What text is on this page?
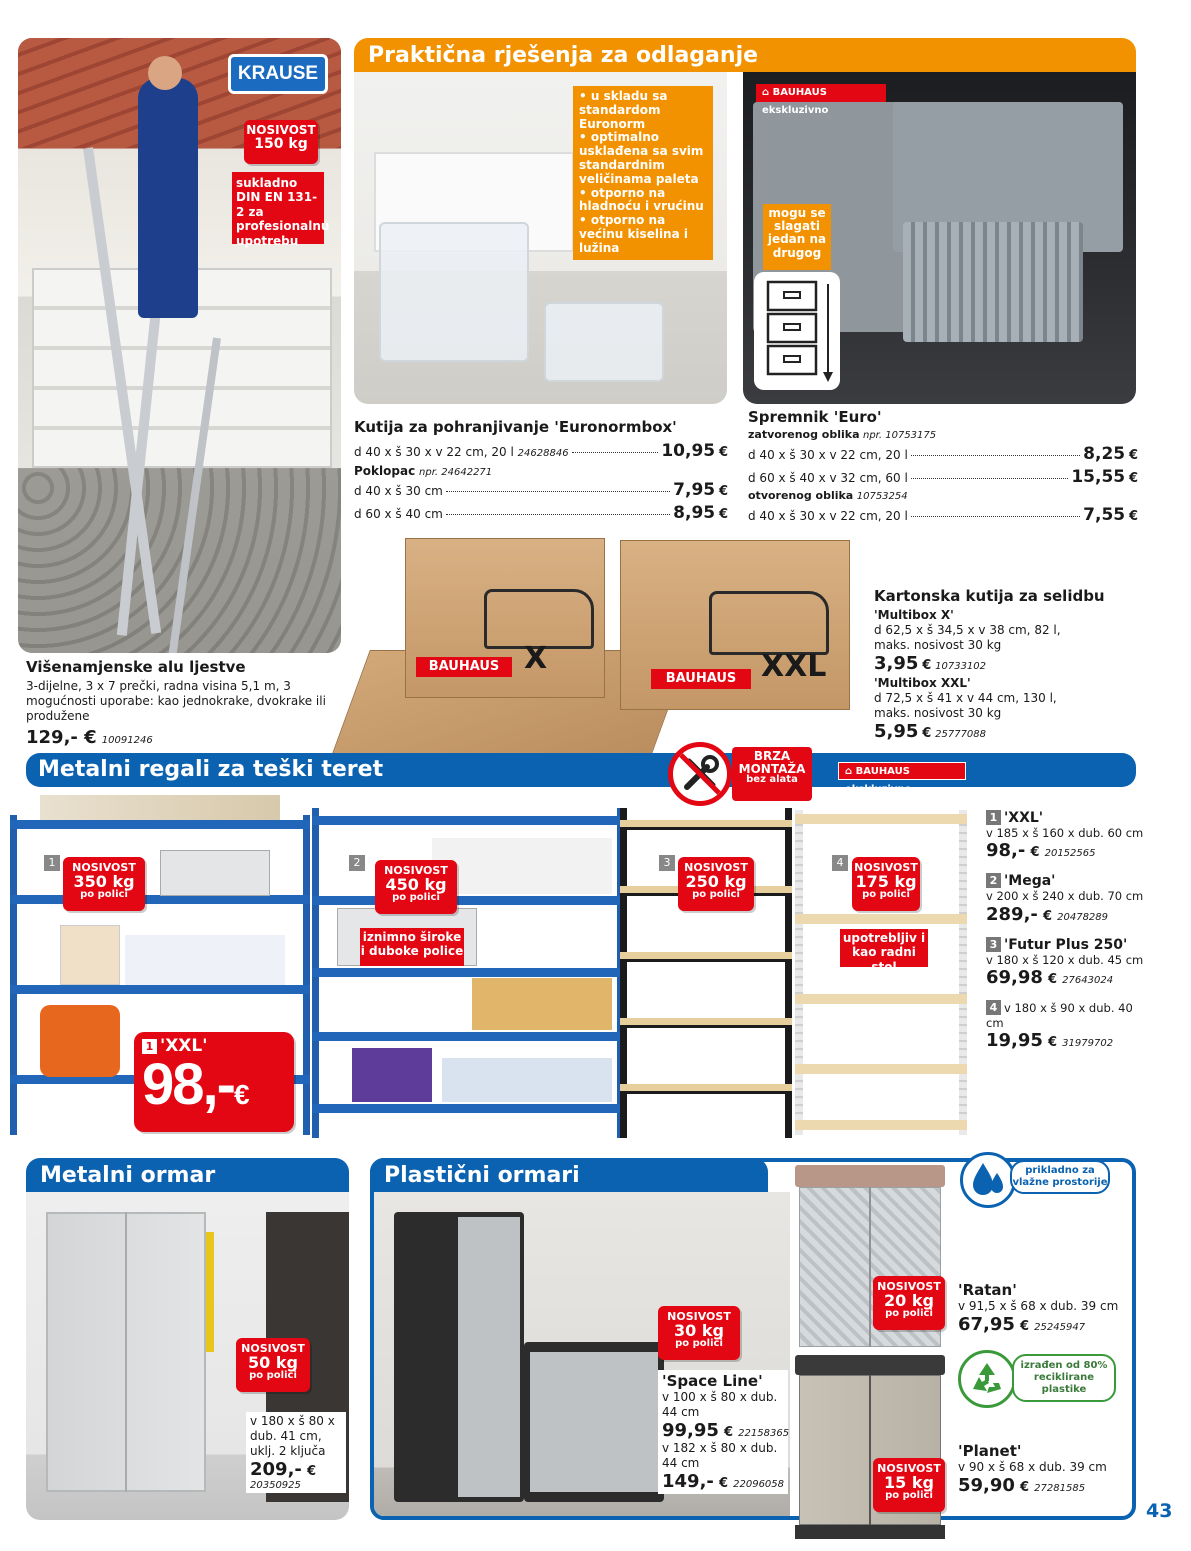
KRAUSE
NOSIVOST
150 kg
sukladno DIN EN 131-2 za profesionalnu upotrebu
Višenamjenske alu ljestve
3-dijelne, 3 x 7 prečki, radna visina 5,1 m, 3 mogućnosti uporabe: kao jednokrake, dvokrake ili produžene
129,- € 10091246
Praktična rješenja za odlaganje
• u skladu sa standardom Euronorm
• optimalno usklađena sa svim standardnim veličinama paleta
• otporno na hladnoću i vrućinu
• otporno na većinu kiselina i lužina
⌂ BAUHAUS ekskluzivno
mogu se slagati jedan na drugog
Kutija za pohranjivanje 'Euronormbox'
d 40 x š 30 x v 22 cm, 20 l
24628846	10,95
€
Poklopac
npr. 24642271
d 40 x š 30 cm	7,95
€
d 60 x š 40 cm	8,95
€
Spremnik 'Euro'
zatvorenog oblika
npr. 10753175
d 40 x š 30 x v 22 cm, 20 l	8,25
€
d 60 x š 40 x v 32 cm, 60 l	15,55
€
otvorenog oblika
10753254
d 40 x š 30 x v 22 cm, 20 l	7,55
€
BAUHAUS X
BAUHAUS XXL
Kartonska kutija za selidbu
'Multibox X'
d 62,5 x š 34,5 x v 38 cm, 82 l, maks. nosivost 30 kg
3,95 € 10733102
'Multibox XXL'
d 72,5 x š 41 x v 44 cm, 130 l, maks. nosivost 30 kg
5,95 € 25777088
Metalni regali za teški teret
BRZA
MONTAŽA
bez alata
⌂ BAUHAUS ekskluzivno
NOSIVOST
350 kg
po polici
1
1 'XXL'
98,-€
NOSIVOST
450 kg
po polici
2
iznimno široke i duboke police
NOSIVOST
250 kg
po polici
3	NOSIVOST
175 kg
po polici
4
upotrebljiv i kao radni stol
1 'XXL'
v 185 x š 160 x dub. 60 cm
98,- € 20152565
2 'Mega'
v 200 x š 240 x dub. 70 cm
289,- € 20478289
3 'Futur Plus 250'
v 180 x š 120 x dub. 45 cm
69,98 € 27643024
4 v 180 x š 90 x dub. 40 cm
19,95 € 31979702
Metalni ormar
NOSIVOST
50 kg
po polici
v 180 x š 80 x dub. 41 cm, uklj. 2 ključa
209,- €
20350925
Plastični ormari
NOSIVOST
30 kg
po polici
'Space Line'
v 100 x š 80 x dub. 44 cm
99,95 € 22158365
v 182 x š 80 x dub. 44 cm
149,- € 22096058
prikladno za vlažne prostorije
NOSIVOST
20 kg
po polici
'Ratan'
v 91,5 x š 68 x dub. 39 cm
67,95 € 25245947
izrađen od 80% reciklirane plastike
NOSIVOST
15 kg
po polici
'Planet'
v 90 x š 68 x dub. 39 cm
59,90 € 27281585
43
